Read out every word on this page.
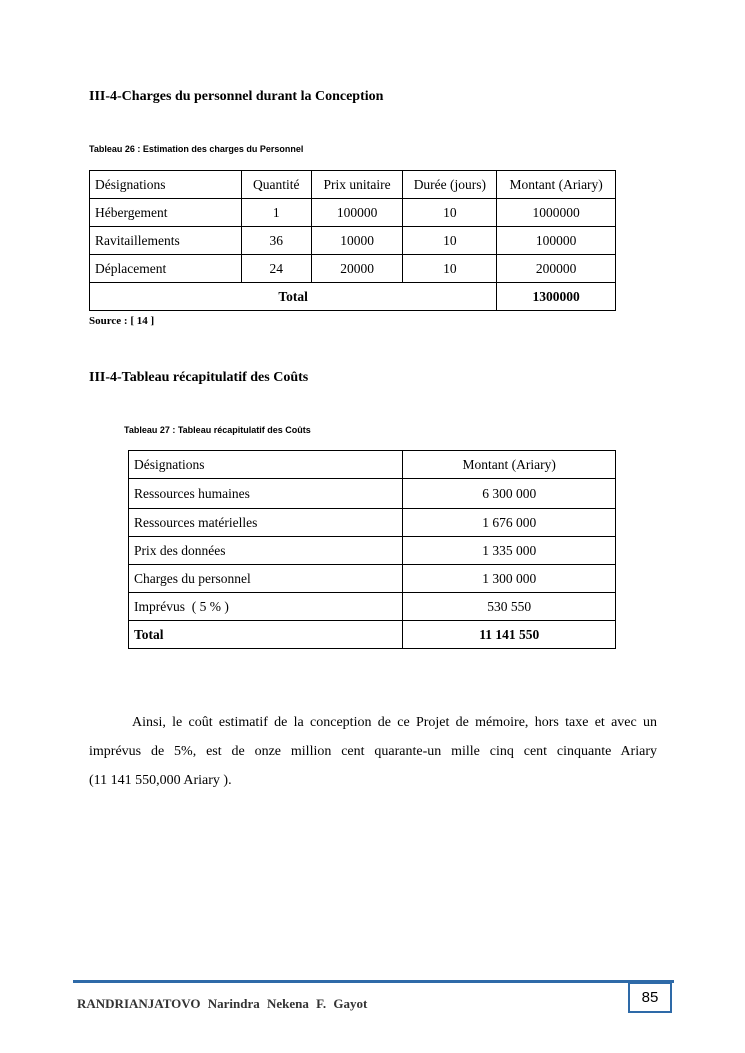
III-4-Charges du personnel durant la Conception
Tableau 26 : Estimation des charges du Personnel
Désignations	Quantité	Prix unitaire	Durée (jours)	Montant (Ariary)
Hébergement	1	100000	10	1000000
Ravitaillements	36	10000	10	100000
Déplacement	24	20000	10	200000
Total				1300000
Source : [ 14 ]
III-4-Tableau récapitulatif des Coûts
Tableau 27 : Tableau récapitulatif des Coûts
Désignations	Montant (Ariary)
Ressources humaines	6 300 000
Ressources matérielles	1 676 000
Prix des données	1 335 000
Charges du personnel	1 300 000
Imprévus  ( 5 % )	530 550
Total	11 141 550
Ainsi, le coût estimatif de la conception de ce Projet de mémoire, hors taxe et avec un
imprévus de 5%, est de onze million cent quarante-un mille cinq cent cinquante Ariary
(11 141 550,000 Ariary ).
RANDRIANJATOVO Narindra Nekena F. Gayot	85
